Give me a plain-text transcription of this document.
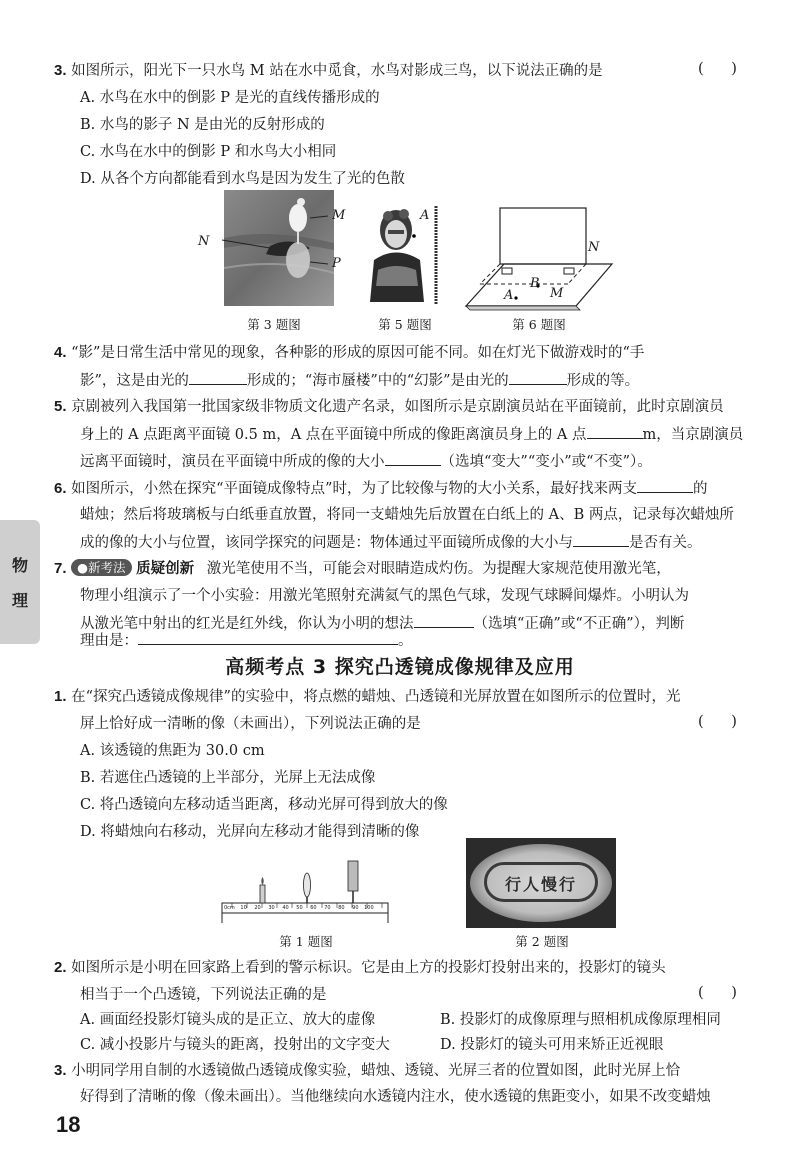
3. 如图所示，阳光下一只水鸟 M 站在水中觅食，水鸟对影成三鸟，以下说法正确的是	(      )
A. 水鸟在水中的倒影 P 是光的直线传播形成的
B. 水鸟的影子 N 是由光的反射形成的
C. 水鸟在水中的倒影 P 和水鸟大小相同
D. 从各个方向都能看到水鸟是因为发生了光的色散
M
N
P
第 3 题图
A
第 5 题图
N
A
B
M
第 6 题图
4. “影”是日常生活中常见的现象，各种影的形成的原因可能不同。如在灯光下做游戏时的“手
影”，这是由光的	形成的；“海市蜃楼”中的“幻影”是由光的	形成的等。
5. 京剧被列入我国第一批国家级非物质文化遗产名录，如图所示是京剧演员站在平面镜前，此时京剧演员
身上的 A 点距离平面镜 0.5 m，A 点在平面镜中所成的像距离演员身上的 A 点	m，当京剧演员
远离平面镜时，演员在平面镜中所成的像的大小	（选填“变大”“变小”或“不变”）。
6. 如图所示，小然在探究“平面镜成像特点”时，为了比较像与物的大小关系，最好找来两支	的
蜡烛；然后将玻璃板与白纸垂直放置，将同一支蜡烛先后放置在白纸上的 A、B 两点，记录每次蜡烛所
成的像的大小与位置，该同学探究的问题是：物体通过平面镜所成像的大小与	是否有关。
7. ●新考法 质疑创新 激光笔使用不当，可能会对眼睛造成灼伤。为提醒大家规范使用激光笔，
物理小组演示了一个小实验：用激光笔照射充满氦气的黑色气球，发现气球瞬间爆炸。小明认为
从激光笔中射出的红光是红外线，你认为小明的想法	（选填“正确”或“不正确”），判断
理由是：	。
物
理
高频考点 3 探究凸透镜成像规律及应用
1. 在“探究凸透镜成像规律”的实验中，将点燃的蜡烛、凸透镜和光屏放置在如图所示的位置时，光
屏上恰好成一清晰的像（未画出），下列说法正确的是	(      )
A. 该透镜的焦距为 30.0 cm
B. 若遮住凸透镜的上半部分，光屏上无法成像
C. 将凸透镜向左移动适当距离，移动光屏可得到放大的像
D. 将蜡烛向右移动，光屏向左移动才能得到清晰的像
0cm 10 20 30 40 50 60 70 80 90 100
第 1 题图
行人慢行
第 2 题图
2. 如图所示是小明在回家路上看到的警示标识。它是由上方的投影灯投射出来的，投影灯的镜头
相当于一个凸透镜，下列说法正确的是	(      )
A. 画面经投影灯镜头成的是正立、放大的虚像	B. 投影灯的成像原理与照相机成像原理相同
C. 减小投影片与镜头的距离，投射出的文字变大	D. 投影灯的镜头可用来矫正近视眼
3. 小明同学用自制的水透镜做凸透镜成像实验，蜡烛、透镜、光屏三者的位置如图，此时光屏上恰
好得到了清晰的像（像未画出）。当他继续向水透镜内注水，使水透镜的焦距变小，如果不改变蜡烛
18
